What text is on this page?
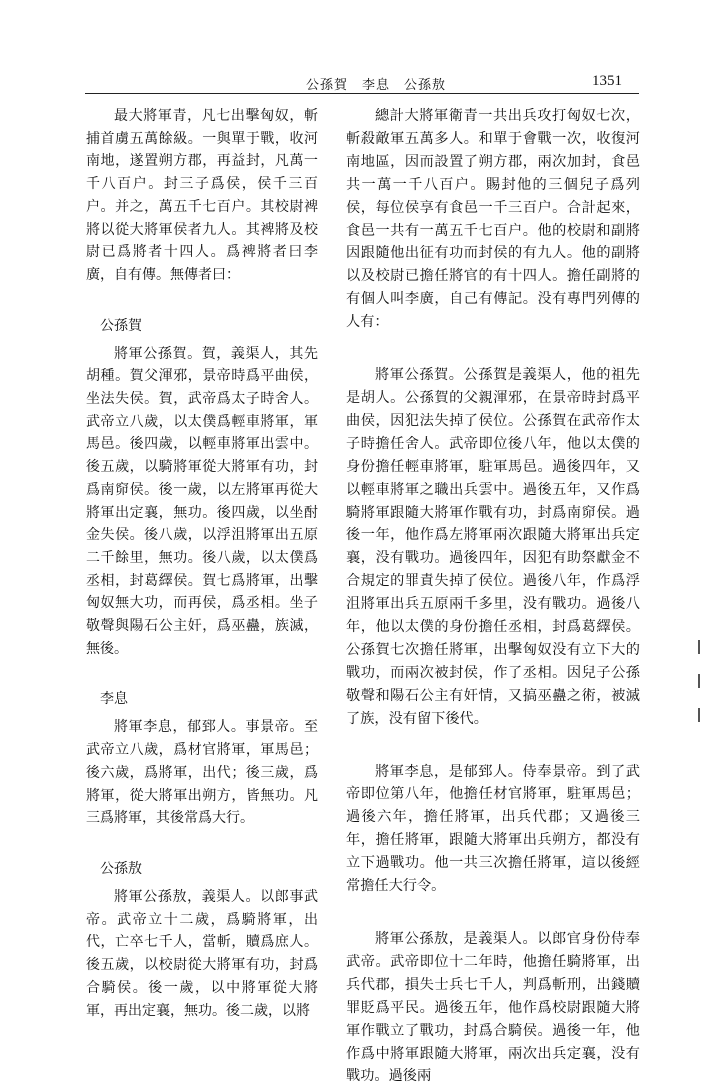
公孫賀　李息　公孫敖	1351

最大將軍青，凡七出擊匈奴，斬捕首虜五萬餘級。一與單于戰，收河南地，遂置朔方郡，再益封，凡萬一千八百户。封三子爲侯，侯千三百户。并之，萬五千七百户。其校尉裨將以從大將軍侯者九人。其裨將及校尉已爲將者十四人。爲裨將者曰李廣，自有傳。無傳者曰：

公孫賀

將軍公孫賀。賀，義渠人，其先胡種。賀父渾邪，景帝時爲平曲侯，坐法失侯。賀，武帝爲太子時舍人。武帝立八歲，以太僕爲輕車將軍，軍馬邑。後四歲，以輕車將軍出雲中。後五歲，以騎將軍從大將軍有功，封爲南窌侯。後一歲，以左將軍再從大將軍出定襄，無功。後四歲，以坐酎金失侯。後八歲，以浮沮將軍出五原二千餘里，無功。後八歲，以太僕爲丞相，封葛繹侯。賀七爲將軍，出擊匈奴無大功，而再侯，爲丞相。坐子敬聲與陽石公主奸，爲巫蠱，族滅，無後。

李息

將軍李息，郁郅人。事景帝。至武帝立八歲，爲材官將軍，軍馬邑；後六歲，爲將軍，出代；後三歲，爲將軍，從大將軍出朔方，皆無功。凡三爲將軍，其後常爲大行。

公孫敖

將軍公孫敖，義渠人。以郎事武帝。武帝立十二歲，爲騎將軍，出代，亡卒七千人，當斬，贖爲庶人。後五歲，以校尉從大將軍有功，封爲合騎侯。後一歲，以中將軍從大將軍，再出定襄，無功。後二歲，以將

總計大將軍衛青一共出兵攻打匈奴七次，斬殺敵軍五萬多人。和單于會戰一次，收復河南地區，因而設置了朔方郡，兩次加封，食邑共一萬一千八百户。賜封他的三個兒子爲列侯，每位侯享有食邑一千三百户。合計起來，食邑一共有一萬五千七百户。他的校尉和副將因跟隨他出征有功而封侯的有九人。他的副將以及校尉已擔任將官的有十四人。擔任副將的有個人叫李廣，自己有傳記。没有專門列傳的人有：

將軍公孫賀。公孫賀是義渠人，他的祖先是胡人。公孫賀的父親渾邪，在景帝時封爲平曲侯，因犯法失掉了侯位。公孫賀在武帝作太子時擔任舍人。武帝即位後八年，他以太僕的身份擔任輕車將軍，駐軍馬邑。過後四年，又以輕車將軍之職出兵雲中。過後五年，又作爲騎將軍跟隨大將軍作戰有功，封爲南窌侯。過後一年，他作爲左將軍兩次跟隨大將軍出兵定襄，没有戰功。過後四年，因犯有助祭獻金不合規定的罪責失掉了侯位。過後八年，作爲浮沮將軍出兵五原兩千多里，没有戰功。過後八年，他以太僕的身份擔任丞相，封爲葛繹侯。公孫賀七次擔任將軍，出擊匈奴没有立下大的戰功，而兩次被封侯，作了丞相。因兒子公孫敬聲和陽石公主有奸情，又搞巫蠱之術，被滅了族，没有留下後代。

將軍李息，是郁郅人。侍奉景帝。到了武帝即位第八年，他擔任材官將軍，駐軍馬邑；過後六年，擔任將軍，出兵代郡；又過後三年，擔任將軍，跟隨大將軍出兵朔方，都没有立下過戰功。他一共三次擔任將軍，這以後經常擔任大行令。

將軍公孫敖，是義渠人。以郎官身份侍奉武帝。武帝即位十二年時，他擔任騎將軍，出兵代郡，損失士兵七千人，判爲斬刑，出錢贖罪貶爲平民。過後五年，他作爲校尉跟隨大將軍作戰立了戰功，封爲合騎侯。過後一年，他作爲中將軍跟隨大將軍，兩次出兵定襄，没有戰功。過後兩
